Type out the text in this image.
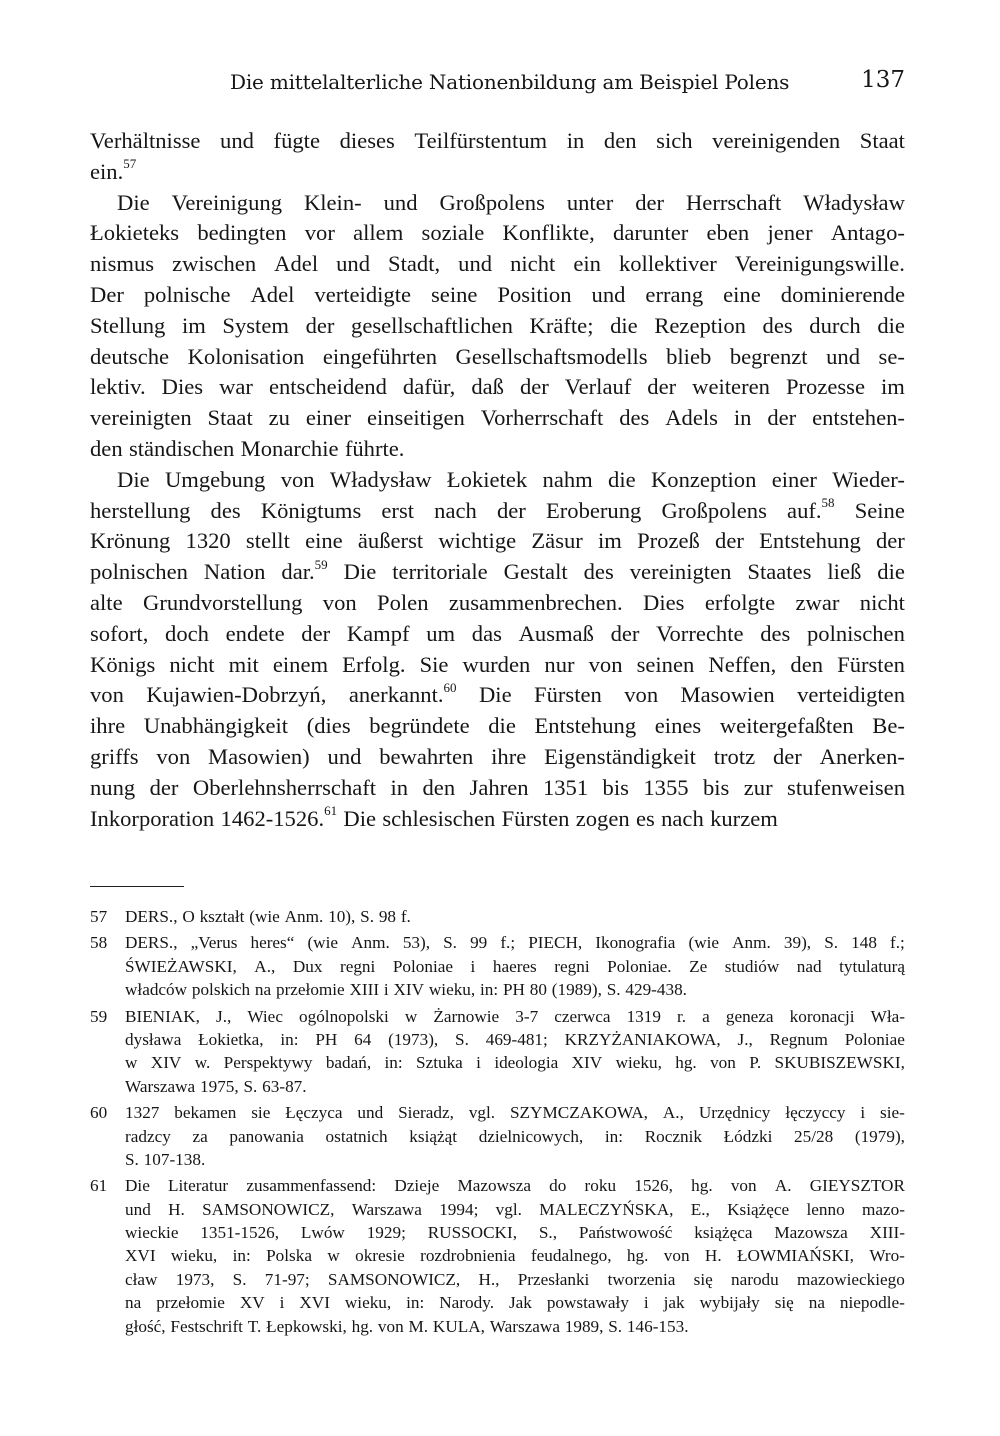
Die mittelalterliche Nationenbildung am Beispiel Polens	137
Verhältnisse und fügte dieses Teilfürstentum in den sich vereinigenden Staat
ein.$^{57}$
Die Vereinigung Klein- und Großpolens unter der Herrschaft Władysław
Łokieteks bedingten vor allem soziale Konflikte, darunter eben jener Antago-
nismus zwischen Adel und Stadt, und nicht ein kollektiver Vereinigungswille.
Der polnische Adel verteidigte seine Position und errang eine dominierende
Stellung im System der gesellschaftlichen Kräfte; die Rezeption des durch die
deutsche Kolonisation eingeführten Gesellschaftsmodells blieb begrenzt und se-
lektiv. Dies war entscheidend dafür, daß der Verlauf der weiteren Prozesse im
vereinigten Staat zu einer einseitigen Vorherrschaft des Adels in der entstehen-
den ständischen Monarchie führte.
Die Umgebung von Władysław Łokietek nahm die Konzeption einer Wieder-
herstellung des Königtums erst nach der Eroberung Großpolens auf.$^{58}$ Seine
Krönung 1320 stellt eine äußerst wichtige Zäsur im Prozeß der Entstehung der
polnischen Nation dar.$^{59}$ Die territoriale Gestalt des vereinigten Staates ließ die
alte Grundvorstellung von Polen zusammenbrechen. Dies erfolgte zwar nicht
sofort, doch endete der Kampf um das Ausmaß der Vorrechte des polnischen
Königs nicht mit einem Erfolg. Sie wurden nur von seinen Neffen, den Fürsten
von Kujawien-Dobrzyń, anerkannt.$^{60}$ Die Fürsten von Masowien verteidigten
ihre Unabhängigkeit (dies begründete die Entstehung eines weitergefaßten Be-
griffs von Masowien) und bewahrten ihre Eigenständigkeit trotz der Anerken-
nung der Oberlehnsherrschaft in den Jahren 1351 bis 1355 bis zur stufenweisen
Inkorporation 1462-1526.61 Die schlesischen Fürsten zogen es nach kurzem
57	DERS., O kształt (wie Anm. 10), S. 98 f.
58	DERS., „Verus heres“ (wie Anm. 53), S. 99 f.; PIECH, Ikonografia (wie Anm. 39), S. 148 f.;
ŚWIEŻAWSKI, A., Dux regni Poloniae i haeres regni Poloniae. Ze studiów nad tytulaturą
władców polskich na przełomie XIII i XIV wieku, in: PH 80 (1989), S. 429-438.
59	BIENIAK, J., Wiec ogólnopolski w Żarnowie 3-7 czerwca 1319 r. a geneza koronacji Wła-
dysława Łokietka, in: PH 64 (1973), S. 469-481; KRZYŻANIAKOWA, J., Regnum Poloniae
w XIV w. Perspektywy badań, in: Sztuka i ideologia XIV wieku, hg. von P. SKUBISZEWSKI,
Warszawa 1975, S. 63-87.
60	1327 bekamen sie Łęczyca und Sieradz, vgl. SZYMCZAKOWA, A., Urzędnicy łęczyccy i sie-
radzcy za panowania ostatnich książąt dzielnicowych, in: Rocznik Łódzki 25/28 (1979),
S. 107-138.
61	Die Literatur zusammenfassend: Dzieje Mazowsza do roku 1526, hg. von A. GIEYSZTOR
und H. SAMSONOWICZ, Warszawa 1994; vgl. MALECZYŃSKA, E., Książęce lenno mazo-
wieckie 1351-1526, Lwów 1929; RUSSOCKI, S., Państwowość książęca Mazowsza XIII-
XVI wieku, in: Polska w okresie rozdrobnienia feudalnego, hg. von H. ŁOWMIAŃSKI, Wro-
cław 1973, S. 71-97; SAMSONOWICZ, H., Przesłanki tworzenia się narodu mazowieckiego
na przełomie XV i XVI wieku, in: Narody. Jak powstawały i jak wybijały się na niepodle-
głość, Festschrift T. Łepkowski, hg. von M. KULA, Warszawa 1989, S. 146-153.
